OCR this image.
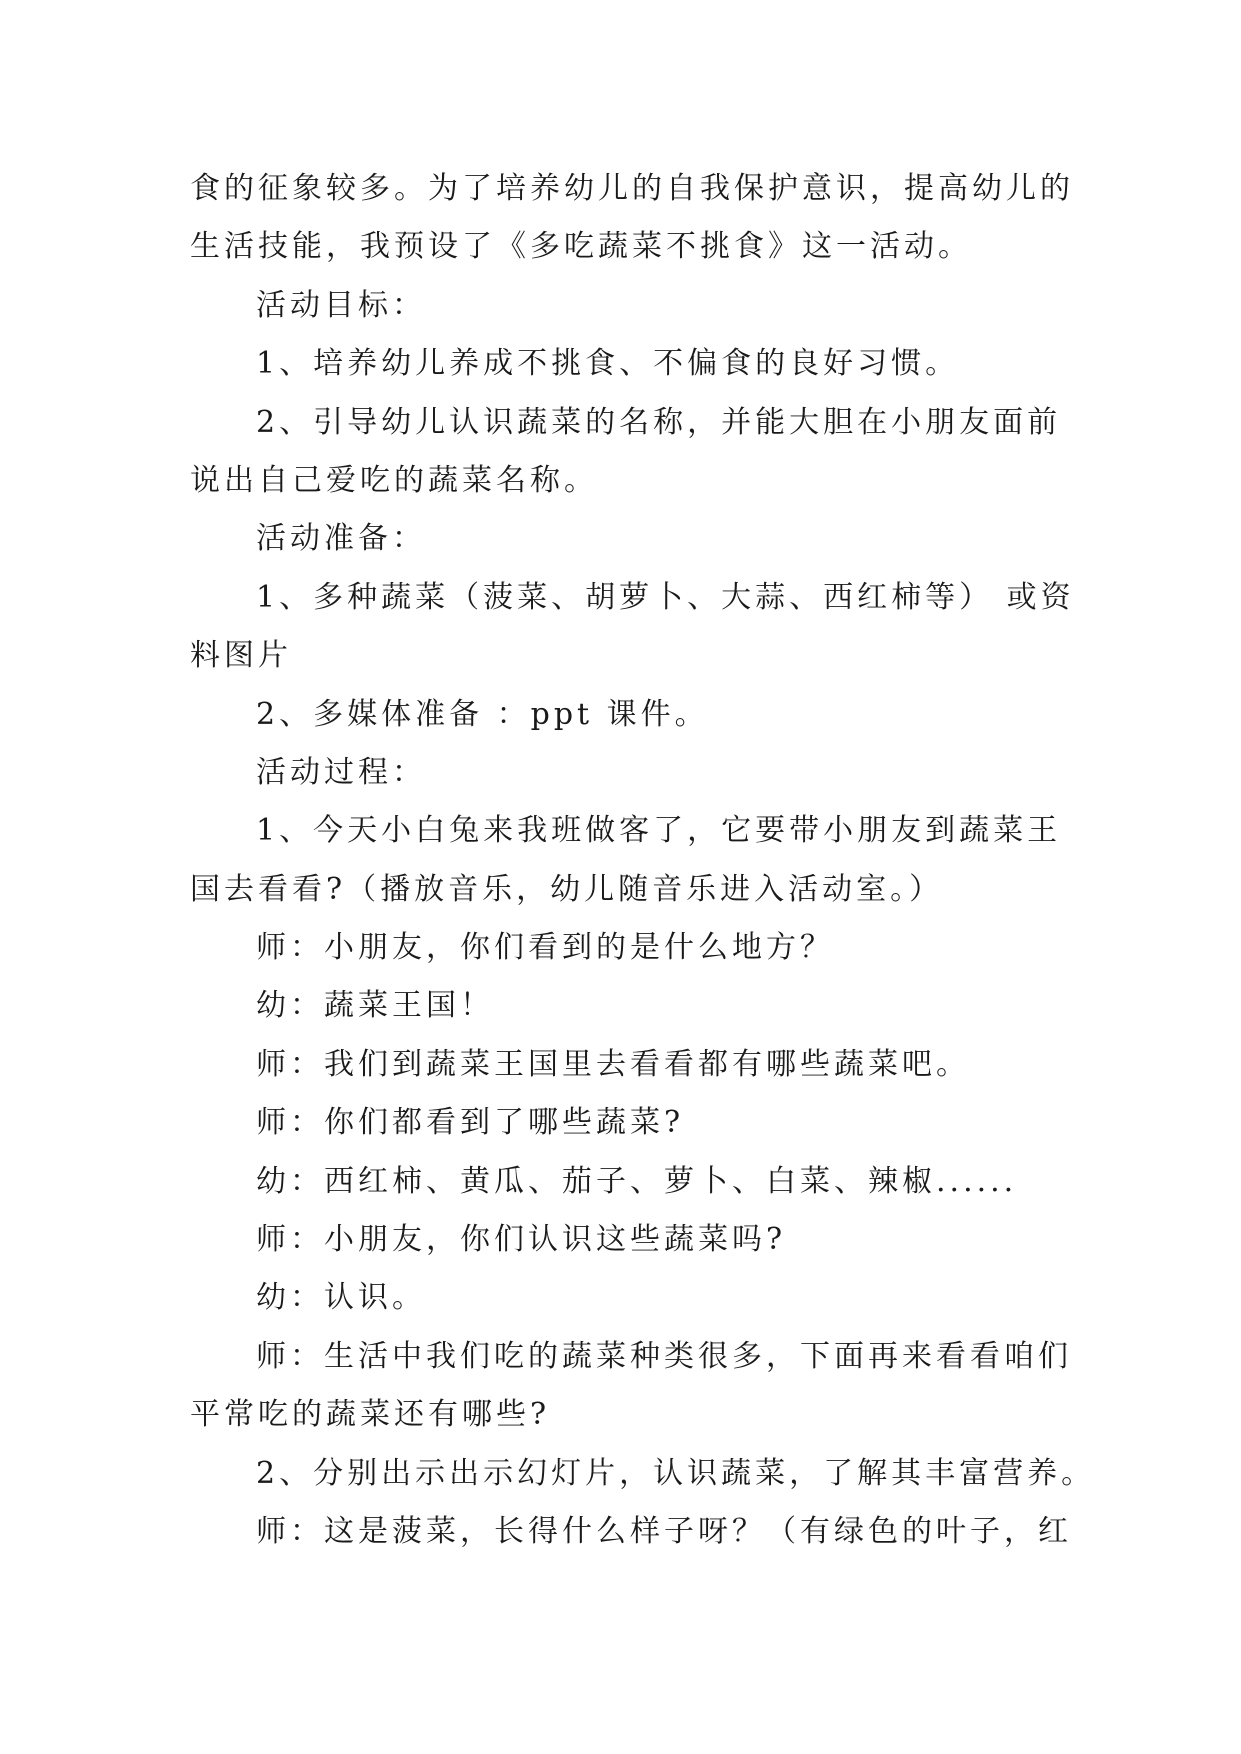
食的征象较多。为了培养幼儿的自我保护意识，提高幼儿的

生活技能，我预设了《多吃蔬菜不挑食》这一活动。

活动目标：

1、培养幼儿养成不挑食、不偏食的良好习惯。

2、引导幼儿认识蔬菜的名称，并能大胆在小朋友面前

说出自己爱吃的蔬菜名称。

活动准备：

1、多种蔬菜（菠菜、胡萝卜、大蒜、西红柿等） 或资

料图片

2、多媒体准备 ：ppt 课件。

活动过程：

1、今天小白兔来我班做客了，它要带小朋友到蔬菜王

国去看看?（播放音乐，幼儿随音乐进入活动室。）

师：小朋友，你们看到的是什么地方？

幼：蔬菜王国！

师：我们到蔬菜王国里去看看都有哪些蔬菜吧。

师：你们都看到了哪些蔬菜?

幼：西红柿、黄瓜、茄子、萝卜、白菜、辣椒......

师：小朋友，你们认识这些蔬菜吗?

幼：认识。

师：生活中我们吃的蔬菜种类很多，下面再来看看咱们

平常吃的蔬菜还有哪些?

2、分别出示出示幻灯片，认识蔬菜，了解其丰富营养。

师：这是菠菜，长得什么样子呀？（有绿色的叶子，红
